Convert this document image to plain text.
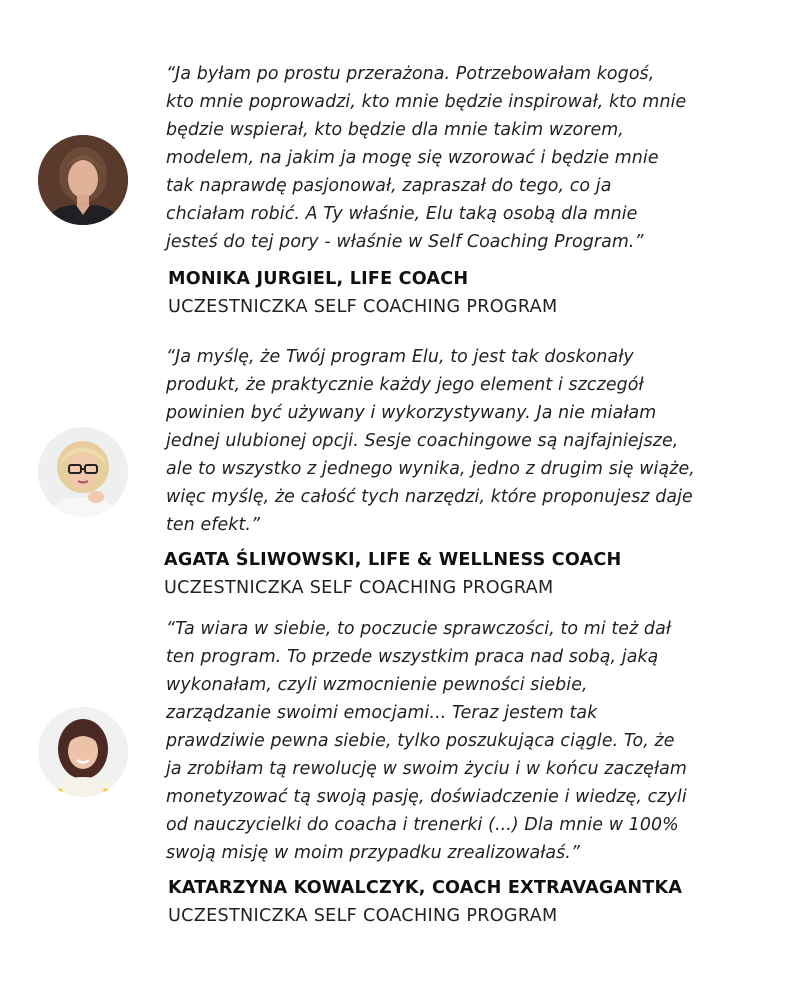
“Ja byłam po prostu przerażona. Potrzebowałam kogoś,
kto mnie poprowadzi, kto mnie będzie inspirował, kto mnie
będzie wspierał, kto będzie dla mnie takim wzorem,
modelem, na jakim ja mogę się wzorować i będzie mnie
tak naprawdę pasjonował, zapraszał do tego, co ja
chciałam robić. A Ty właśnie, Elu taką osobą dla mnie
jesteś do tej pory - właśnie w Self Coaching Program.”

MONIKA JURGIEL, LIFE COACH
UCZESTNICZKA SELF COACHING PROGRAM

“Ja myślę, że Twój program Elu, to jest tak doskonały
produkt, że praktycznie każdy jego element i szczegół
powinien być używany i wykorzystywany. Ja nie miałam
jednej ulubionej opcji. Sesje coachingowe są najfajniejsze,
ale to wszystko z jednego wynika, jedno z drugim się wiąże,
więc myślę, że całość tych narzędzi, które proponujesz daje
ten efekt.”

AGATA ŚLIWOWSKI, LIFE & WELLNESS COACH
UCZESTNICZKA SELF COACHING PROGRAM

“Ta wiara w siebie, to poczucie sprawczości, to mi też dał
ten program. To przede wszystkim praca nad sobą, jaką
wykonałam, czyli wzmocnienie pewności siebie,
zarządzanie swoimi emocjami... Teraz jestem tak
prawdziwie pewna siebie, tylko poszukująca ciągle. To, że
ja zrobiłam tą rewolucję w swoim życiu i w końcu zaczęłam
monetyzować tą swoją pasję, doświadczenie i wiedzę, czyli
od nauczycielki do coacha i trenerki (...) Dla mnie w 100%
swoją misję w moim przypadku zrealizowałaś.”

KATARZYNA KOWALCZYK, COACH EXTRAVAGANTKA
UCZESTNICZKA SELF COACHING PROGRAM
